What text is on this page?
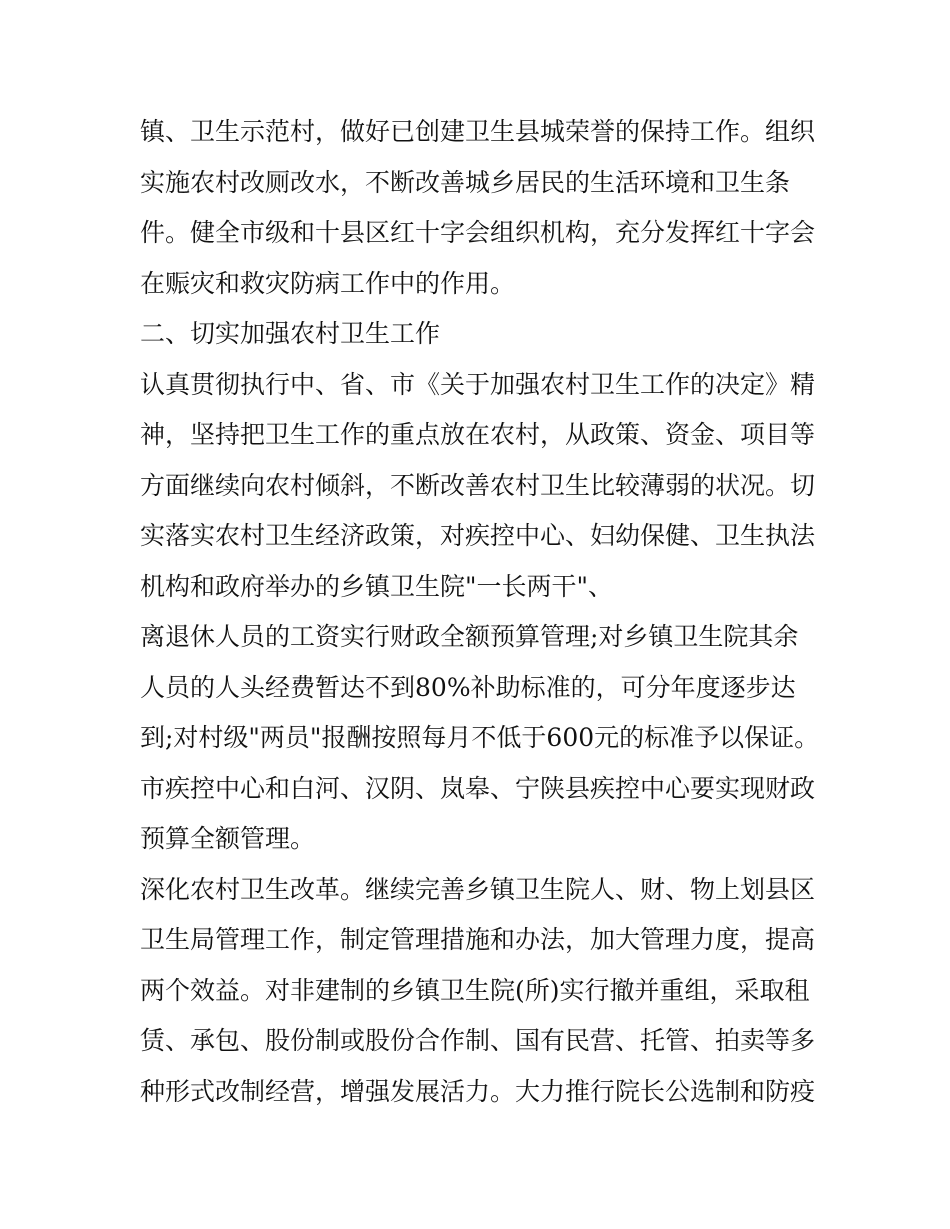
镇、卫生示范村，做好已创建卫生县城荣誉的保持工作。组织
实施农村改厕改水，不断改善城乡居民的生活环境和卫生条
件。健全市级和十县区红十字会组织机构，充分发挥红十字会
在赈灾和救灾防病工作中的作用。
二、切实加强农村卫生工作
认真贯彻执行中、省、市《关于加强农村卫生工作的决定》精
神，坚持把卫生工作的重点放在农村，从政策、资金、项目等
方面继续向农村倾斜，不断改善农村卫生比较薄弱的状况。切
实落实农村卫生经济政策，对疾控中心、妇幼保健、卫生执法
机构和政府举办的乡镇卫生院"一长两干"、
离退休人员的工资实行财政全额预算管理;对乡镇卫生院其余
人员的人头经费暂达不到80%补助标准的，可分年度逐步达
到;对村级"两员"报酬按照每月不低于600元的标准予以保证。
市疾控中心和白河、汉阴、岚皋、宁陕县疾控中心要实现财政
预算全额管理。
深化农村卫生改革。继续完善乡镇卫生院人、财、物上划县区
卫生局管理工作，制定管理措施和办法，加大管理力度，提高
两个效益。对非建制的乡镇卫生院(所)实行撤并重组，采取租
赁、承包、股份制或股份合作制、国有民营、托管、拍卖等多
种形式改制经营，增强发展活力。大力推行院长公选制和防疫
